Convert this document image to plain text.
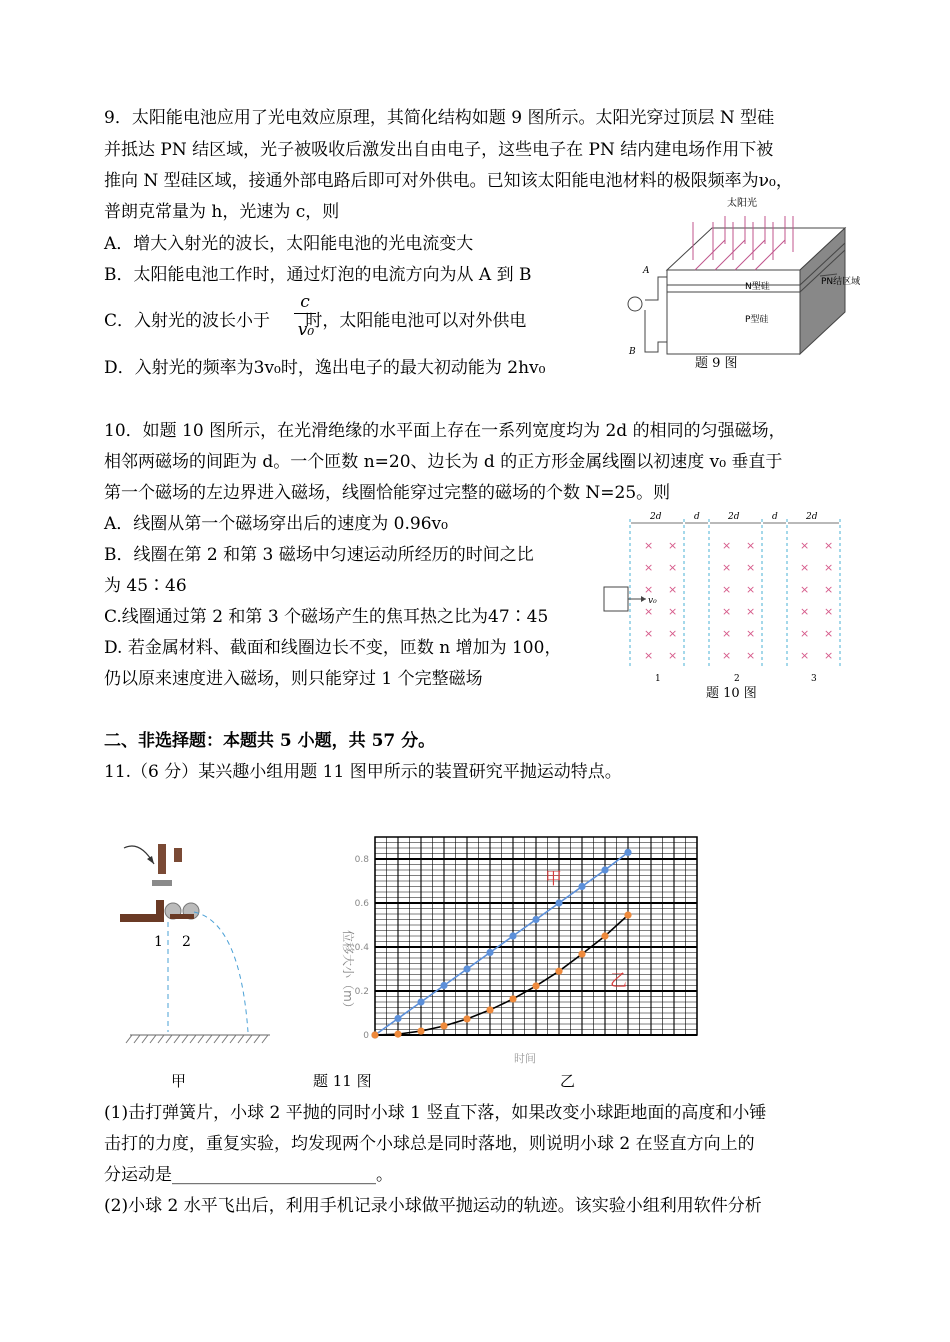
9．太阳能电池应用了光电效应原理，其简化结构如题 9 图所示。太阳光穿过顶层 N 型硅
并抵达 PN 结区域，光子被吸收后激发出自由电子，这些电子在 PN 结内建电场作用下被
推向 N 型硅区域，接通外部电路后即可对外供电。已知该太阳能电池材料的极限频率为ν₀，
普朗克常量为 h，光速为 c，则
A．增大入射光的波长，太阳能电池的光电流变大
B．太阳能电池工作时，通过灯泡的电流方向为从 A 到 B
C．入射光的波长小于
c
v₀
时，太阳能电池可以对外供电
D．入射光的频率为3v₀时，逸出电子的最大初动能为 2hv₀
太阳光
A
B
N型硅
P型硅
PN结区域
题 9 图
10．如题 10 图所示，在光滑绝缘的水平面上存在一系列宽度均为 2d 的相同的匀强磁场，
相邻两磁场的间距为 d。一个匝数 n=20、边长为 d 的正方形金属线圈以初速度 v₀ 垂直于
第一个磁场的左边界进入磁场，线圈恰能穿过完整的磁场的个数 N=25。则
A．线圈从第一个磁场穿出后的速度为 0.96v₀
B．线圈在第 2 和第 3 磁场中匀速运动所经历的时间之比
为 45∶46
C.线圈通过第 2 和第 3 个磁场产生的焦耳热之比为47∶45
D. 若金属材料、截面和线圈边长不变，匝数 n 增加为 100，
仍以原来速度进入磁场，则只能穿过 1 个完整磁场
2d	d	2d	d	2d
×
×
×
×
×
×
×
×
×
×
×
×
×
×
×
×
×
×
×
×
×
×
×
×
×
×
×
×
×
×
×
×
×
×
×
×
v₀
1	2	3
题 10 图
二、非选择题：本题共 5 小题，共 57 分。
11.（6 分）某兴趣小组用题 11 图甲所示的装置研究平抛运动特点。
1 2
0
0.2
0.4
0.6
0.8
位移大小（m）
时间
甲
乙
甲	题 11 图	乙
(1)击打弹簧片，小球 2 平抛的同时小球 1 竖直下落，如果改变小球距地面的高度和小锤
击打的力度，重复实验，均发现两个小球总是同时落地，则说明小球 2 在竖直方向上的
分运动是________________________。
(2)小球 2 水平飞出后，利用手机记录小球做平抛运动的轨迹。该实验小组利用软件分析
